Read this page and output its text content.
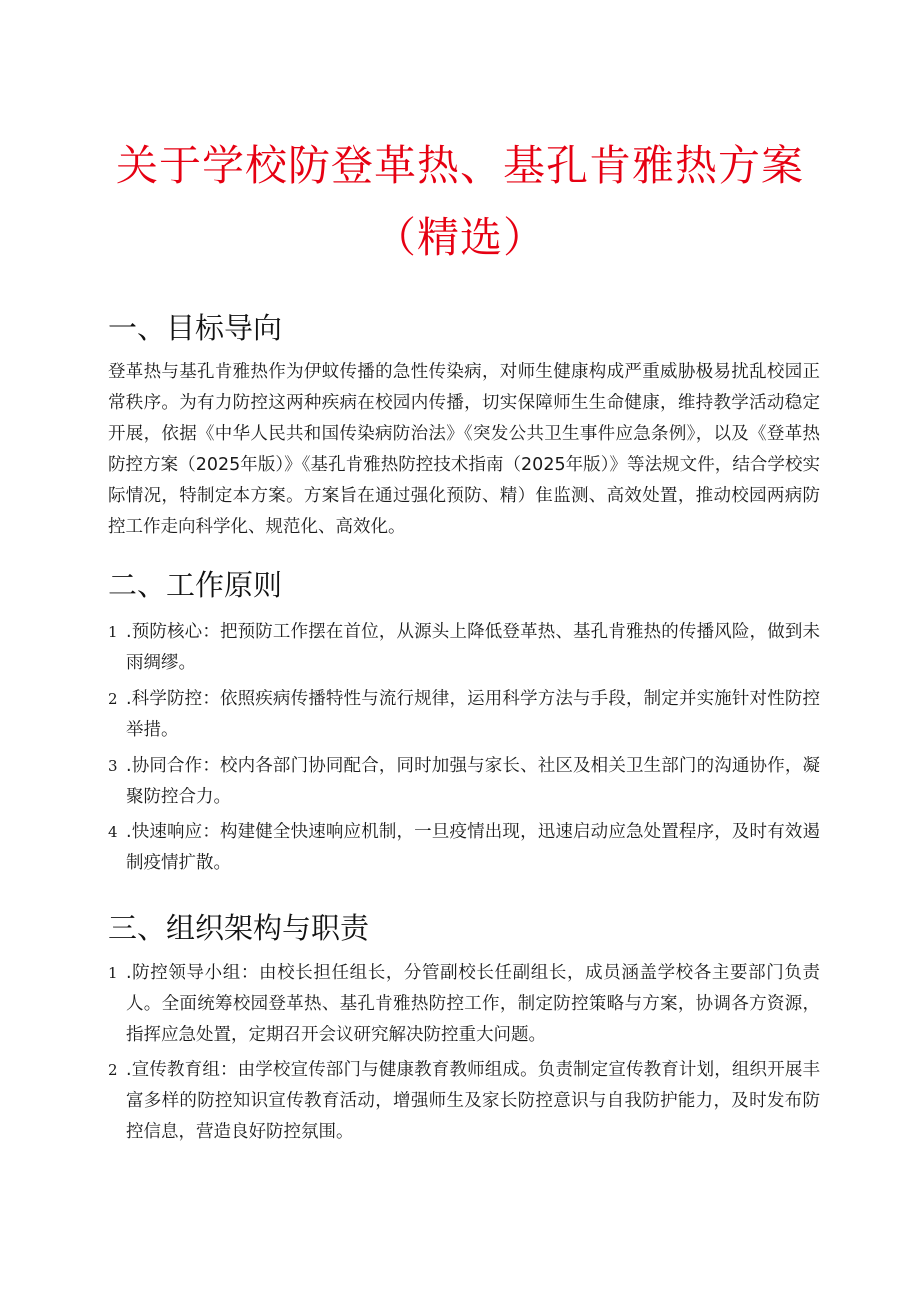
关于学校防登革热、基孔肯雅热方案
（精选）
一、目标导向

登革热与基孔肯雅热作为伊蚊传播的急性传染病，对师生健康构成严重威胁极易扰乱校园正常秩序。为有力防控这两种疾病在校园内传播，切实保障师生生命健康，维持教学活动稳定开展，依据《中华人民共和国传染病防治法》《突发公共卫生事件应急条例》，以及《登革热防控方案（2025年版）》《基孔肯雅热防控技术指南（2025年版）》等法规文件，结合学校实际情况，特制定本方案。方案旨在通过强化预防、精）隹监测、高效处置，推动校园两病防控工作走向科学化、规范化、高效化。

二、工作原则
1 .预防核心：把预防工作摆在首位，从源头上降低登革热、基孔肯雅热的传播风险，做到未雨绸缪。
2 .科学防控：依照疾病传播特性与流行规律，运用科学方法与手段，制定并实施针对性防控举措。
3 .协同合作：校内各部门协同配合，同时加强与家长、社区及相关卫生部门的沟通协作，凝聚防控合力。
4 .快速响应：构建健全快速响应机制，一旦疫情出现，迅速启动应急处置程序，及时有效遏制疫情扩散。
三、组织架构与职责
1 .防控领导小组：由校长担任组长，分管副校长任副组长，成员涵盖学校各主要部门负责人。全面统筹校园登革热、基孔肯雅热防控工作，制定防控策略与方案，协调各方资源，指挥应急处置，定期召开会议研究解决防控重大问题。
2 .宣传教育组：由学校宣传部门与健康教育教师组成。负责制定宣传教育计划，组织开展丰富多样的防控知识宣传教育活动，增强师生及家长防控意识与自我防护能力，及时发布防控信息，营造良好防控氛围。
